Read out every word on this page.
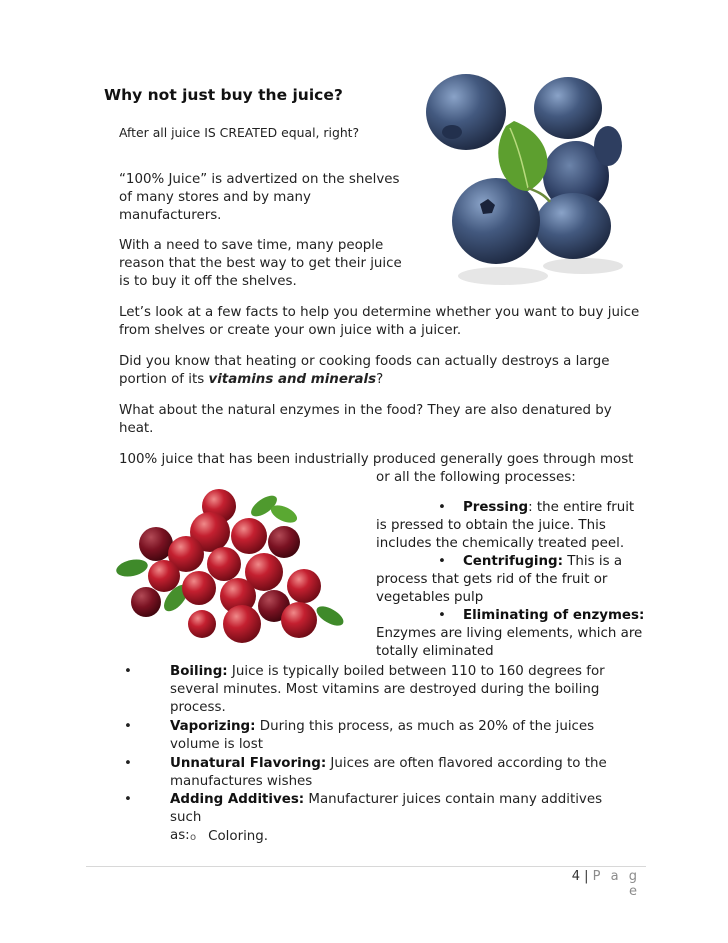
Why not just buy the juice?
After all juice IS CREATED equal, right?
“100% Juice” is advertized on the shelves
of many stores and by many
manufacturers.
With a need to save time, many people
reason that the best way to get their juice
is to buy it off the shelves.
Let’s look at a few facts to help you determine whether you want to buy juice
from shelves or create your own juice with a juicer.
Did you know that heating or cooking foods can actually destroys a large
portion of its vitamins and minerals?
What about the natural enzymes in the food? They are also denatured by
heat.
100% juice that has been industrially produced generally goes through most
or all the following processes:
• Pressing: the entire fruit
is pressed to obtain the juice. This
includes the chemically treated peel.
• Centrifuging: This is a
process that gets rid of the fruit or
vegetables pulp
• Eliminating of enzymes:
Enzymes are living elements, which are
totally eliminated
•	Boiling: Juice is typically boiled between 110 to 160 degrees for
several minutes. Most vitamins are destroyed during the boiling
process.
•	Vaporizing: During this process, as much as 20% of the juices
volume is lost
•	Unnatural Flavoring: Juices are often flavored according to the
manufactures wishes
•	Adding Additives: Manufacturer juices contain many additives such
as: o Coloring.
4 | P a g e
